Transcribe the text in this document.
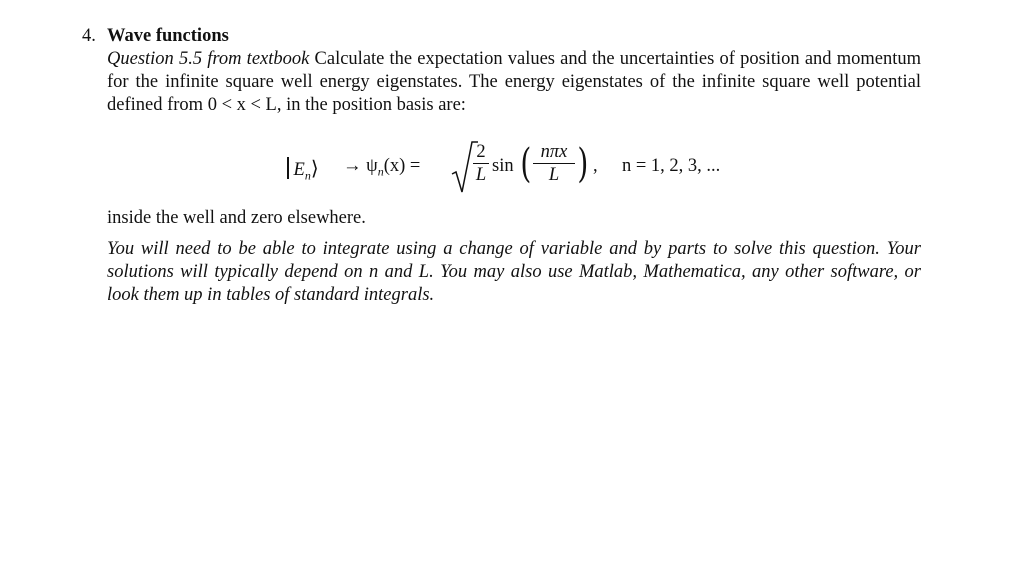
4. Wave functions
Question 5.5 from textbook Calculate the expectation values and the uncertainties of position and momentum for the infinite square well energy eigenstates. The energy eigenstates of the infinite square well potential defined from 0 < x < L, in the position basis are:
$E_n⟩ \to \psi_n(x)$ =
2
L sin ( nπx
L ) , n = 1, 2, 3, ...
inside the well and zero elsewhere.
You will need to be able to integrate using a change of variable and by parts to solve this question. Your solutions will typically depend on n and L. You may also use Matlab, Mathematica, any other software, or look them up in tables of standard integrals.
